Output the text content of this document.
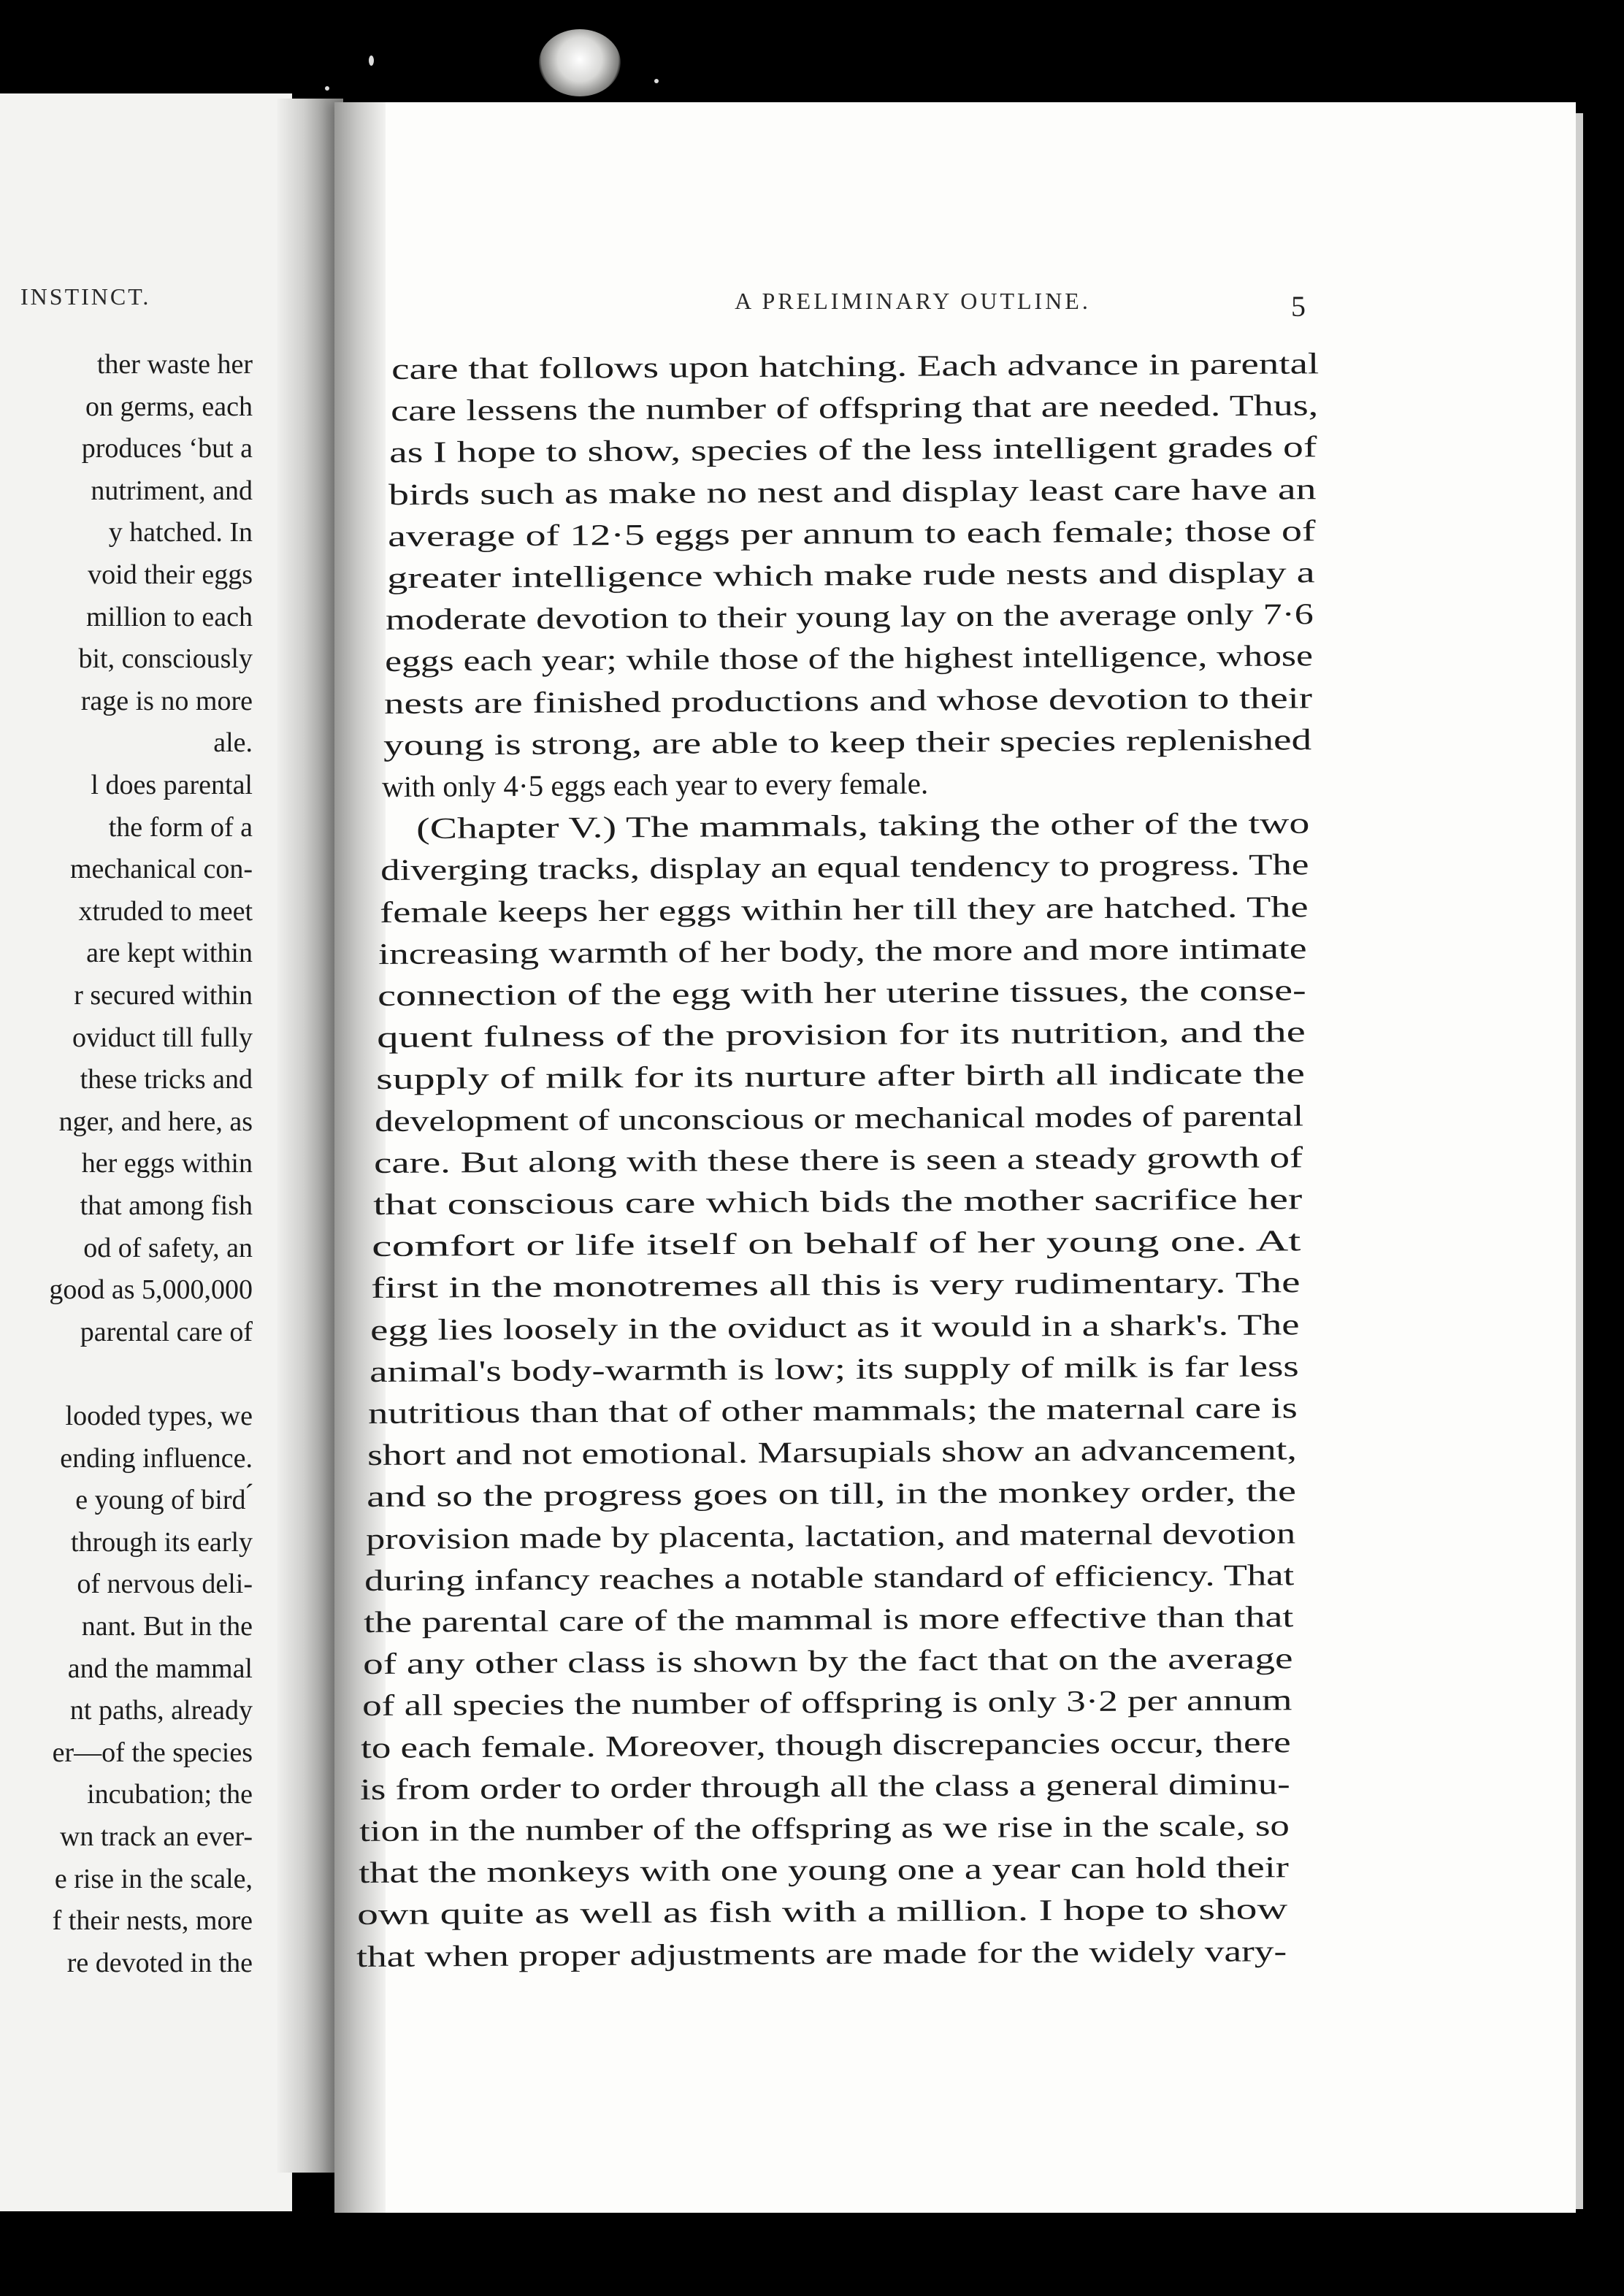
INSTINCT.
ther waste her
on germs, each
produces ‘but a
nutriment, and
y hatched. In
void their eggs
million to each
bit, consciously
rage is no more
ale.
l does parental
the form of a
mechanical con-
xtruded to meet
are kept within
r secured within
oviduct till fully
these tricks and
nger, and here, as
her eggs within
that among fish
od of safety, an
good as 5,000,000
parental care of
looded types, we
ending influence.
e young of bird ́
through its early
of nervous deli-
nant. But in the
and the mammal
nt paths, already
er—of the species
incubation; the
wn track an ever-
e rise in the scale,
f their nests, more
re devoted in the
A PRELIMINARY OUTLINE.	5
care that follows upon hatching. Each advance in parental
care lessens the number of offspring that are needed. Thus,
as I hope to show, species of the less intelligent grades of
birds such as make no nest and display least care have an
average of 12·5 eggs per annum to each female; those of
greater intelligence which make rude nests and display a
moderate devotion to their young lay on the average only 7·6
eggs each year; while those of the highest intelligence, whose
nests are finished productions and whose devotion to their
young is strong, are able to keep their species replenished
with only 4·5 eggs each year to every female.
(Chapter V.) The mammals, taking the other of the two
diverging tracks, display an equal tendency to progress. The
female keeps her eggs within her till they are hatched. The
increasing warmth of her body, the more and more intimate
connection of the egg with her uterine tissues, the conse-
quent fulness of the provision for its nutrition, and the
supply of milk for its nurture after birth all indicate the
development of unconscious or mechanical modes of parental
care. But along with these there is seen a steady growth of
that conscious care which bids the mother sacrifice her
comfort or life itself on behalf of her young one. At
first in the monotremes all this is very rudimentary. The
egg lies loosely in the oviduct as it would in a shark's. The
animal's body-warmth is low; its supply of milk is far less
nutritious than that of other mammals; the maternal care is
short and not emotional. Marsupials show an advancement,
and so the progress goes on till, in the monkey order, the
provision made by placenta, lactation, and maternal devotion
during infancy reaches a notable standard of efficiency. That
the parental care of the mammal is more effective than that
of any other class is shown by the fact that on the average
of all species the number of offspring is only 3·2 per annum
to each female. Moreover, though discrepancies occur, there
is from order to order through all the class a general diminu-
tion in the number of the offspring as we rise in the scale, so
that the monkeys with one young one a year can hold their
own quite as well as fish with a million. I hope to show
that when proper adjustments are made for the widely vary-
